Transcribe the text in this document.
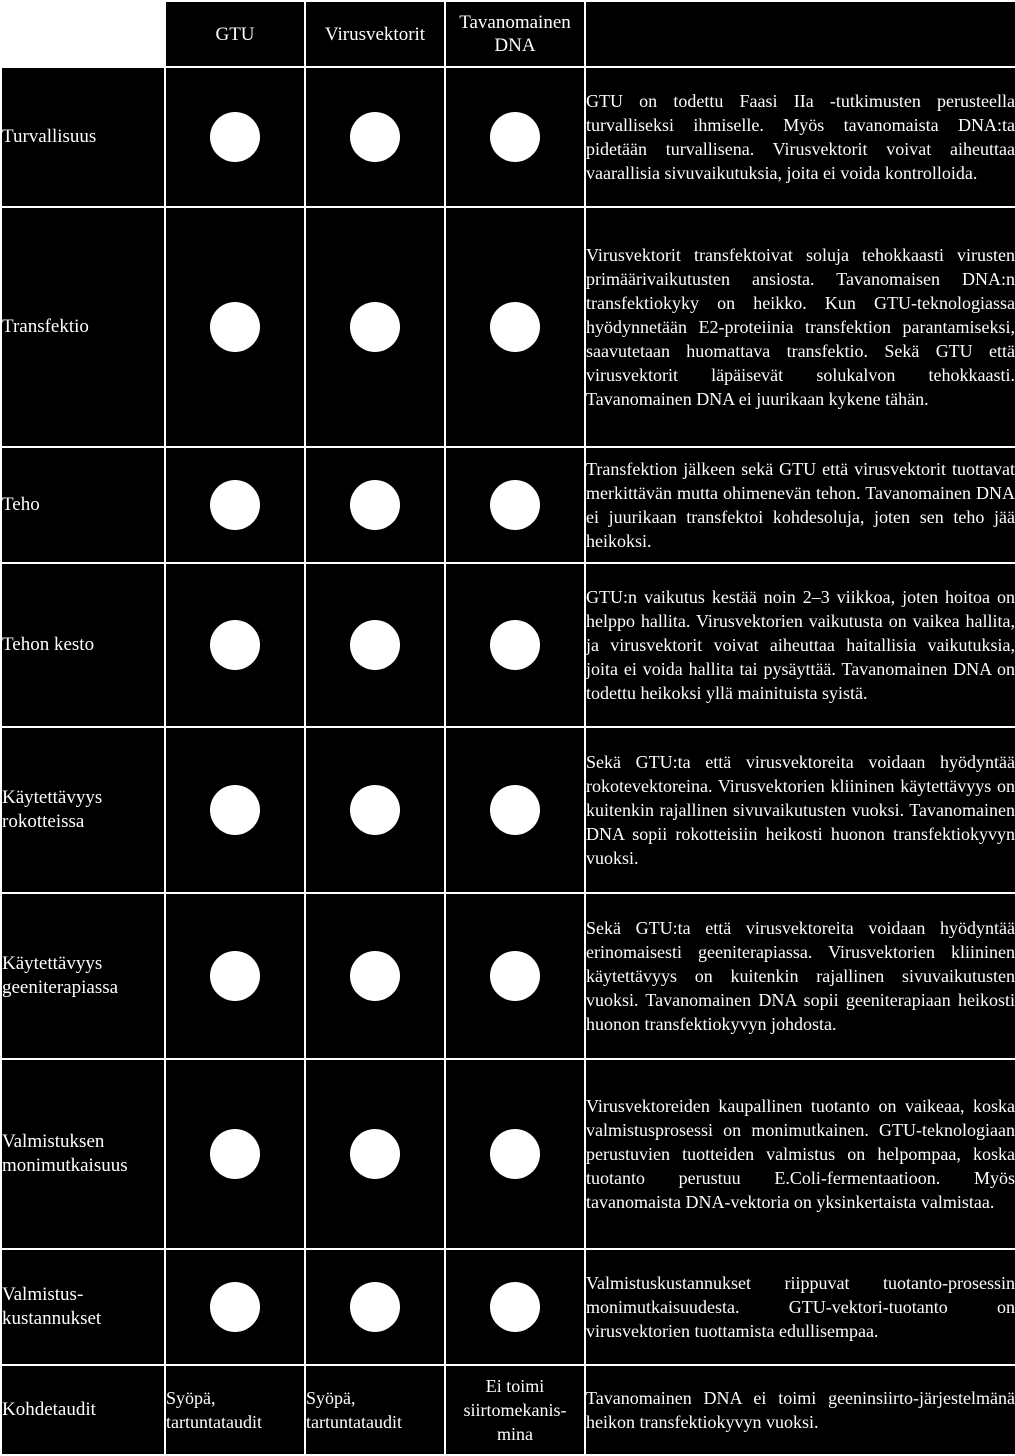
	GTU	Virusvektorit	Tavanomainen DNA	
Turvallisuus				GTU on todettu Faasi IIa -tutkimusten perusteella turvalliseksi ihmiselle. Myös tavanomaista DNA:ta pidetään turvallisena. Virusvektorit voivat aiheuttaa vaarallisia sivuvaikutuksia, joita ei voida kontrolloida.
Transfektio				Virusvektorit transfektoivat soluja tehokkaasti virusten primäärivaikutusten ansiosta. Tavanomaisen DNA:n transfektiokyky on heikko. Kun GTU-teknologiassa hyödynnetään E2-proteiinia transfektion parantamiseksi, saavutetaan huomattava transfektio. Sekä GTU että virusvektorit läpäisevät solukalvon tehokkaasti. Tavanomainen DNA ei juurikaan kykene tähän.
Teho				Transfektion jälkeen sekä GTU että virusvektorit tuottavat merkittävän mutta ohimenevän tehon. Tavanomainen DNA ei juurikaan transfektoi kohdesoluja, joten sen teho jää heikoksi.
Tehon kesto				GTU:n vaikutus kestää noin 2–3 viikkoa, joten hoitoa on helppo hallita. Virusvektorien vaikutusta on vaikea hallita, ja virusvektorit voivat aiheuttaa haitallisia vaikutuksia, joita ei voida hallita tai pysäyttää. Tavanomainen DNA on todettu heikoksi yllä mainituista syistä.
Käytettävyys rokotteissa				Sekä GTU:ta että virusvektoreita voidaan hyödyntää rokotevektoreina. Virusvektorien kliininen käytettävyys on kuitenkin rajallinen sivuvaikutusten vuoksi. Tavanomainen DNA sopii rokotteisiin heikosti huonon transfektiokyvyn vuoksi.
Käytettävyys geeniterapiassa				Sekä GTU:ta että virusvektoreita voidaan hyödyntää erinomaisesti geeniterapiassa. Virusvektorien kliininen käytettävyys on kuitenkin rajallinen sivuvaikutusten vuoksi. Tavanomainen DNA sopii geeniterapiaan heikosti huonon transfektiokyvyn johdosta.
Valmistuksen monimutkaisuus				Virusvektoreiden kaupallinen tuotanto on vaikeaa, koska valmistusprosessi on monimutkainen. GTU-teknologiaan perustuvien tuotteiden valmistus on helpompaa, koska tuotanto perustuu E.Coli-fermentaatioon. Myös tavanomaista DNA-vektoria on yksinkertaista valmistaa.
Valmistus-kustannukset				Valmistuskustannukset riippuvat tuotanto-prosessin monimutkaisuudesta. GTU-vektori-tuotanto on virusvektorien tuottamista edullisempaa.
Kohdetaudit	Syöpä, tartuntataudit	Syöpä, tartuntataudit	Ei toimi siirtomekanis-mina	Tavanomainen DNA ei toimi geeninsiirto-järjestelmänä heikon transfektiokyvyn vuoksi.
